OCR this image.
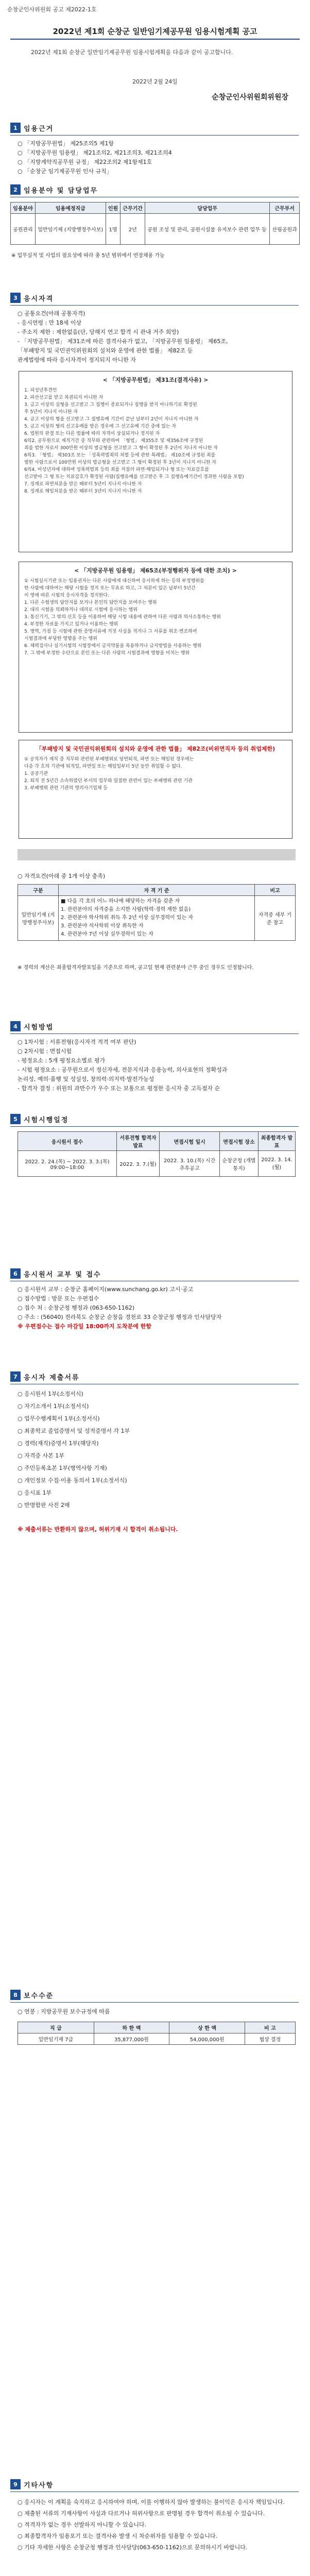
순창군인사위원회 공고 제2022-1호
2022년 제1회 순창군 일반임기제공무원 임용시험계획 공고
2022년 제1회 순창군 일반임기제공무원 임용시험계획을 다음과 같이 공고합니다.
2022년 2월 24일
순창군인사위원회위원장
1 임용근거
○ 「지방공무원법」 제25조의5 제1항
○ 「지방공무원 임용령」 제21조의2, 제21조의3, 제21조의4
○ 「지방계약직공무원 규정」 제22조의2 제1항제1호
○ 「순창군 임기제공무원 인사 규칙」
2 임용분야 및 담당업무
임용분야	임용예정직급	인원	근무기간	담당업무	근무부서
공원관리	일반임기제 (지방행정주사보)	1명	2년	공원 조성 및 관리, 공원시설물 유지보수 관련 업무 등	산림공원과
※ 업무실적 및 사업의 필요성에 따라 총 5년 범위에서 연장채용 가능
3 응시자격
○ 공통요건(아래 공통자격)
- 응시연령 : 만 18세 이상
- 주소지 제한 : 제한없음(단, 당해지 연고 합격 시 관내 거주 희망)
- 「지방공무원법」 제31조에 따른 결격사유가 없고, 「지방공무원 임용령」 제65조,
「부패방지 및 국민권익위원회의 설치와 운영에 관한 법률」 제82조 등
관계법령에 따라 응시자격이 정지되지 아니한 자
< 「지방공무원법」 제31조(결격사유) >
1. 피성년후견인
2. 파산선고를 받고 복권되지 아니한 자
3. 금고 이상의 실형을 선고받고 그 집행이 종료되거나 집행을 받지 아니하기로 확정된
후 5년이 지나지 아니한 자
4. 금고 이상의 형을 선고받고 그 집행유예 기간이 끝난 날부터 2년이 지나지 아니한 자
5. 금고 이상의 형의 선고유예를 받은 경우에 그 선고유예 기간 중에 있는 자
6. 법원의 판결 또는 다른 법률에 따라 자격이 상실되거나 정지된 자
6의2. 공무원으로 재직기간 중 직무와 관련하여 「형법」 제355조 및 제356조에 규정된
죄를 범한 자로서 300만원 이상의 벌금형을 선고받고 그 형이 확정된 후 2년이 지나지 아니한 자
6의3. 「형법」 제303조 또는 「성폭력범죄의 처벌 등에 관한 특례법」 제10조에 규정된 죄를
범한 사람으로서 100만원 이상의 벌금형을 선고받고 그 형이 확정된 후 3년이 지나지 아니한 자
6의4. 미성년자에 대하여 성폭력범죄 등의 죄를 저질러 파면·해임되거나 형 또는 치료감호를
선고받아 그 형 또는 치료감호가 확정된 사람(집행유예를 선고받은 후 그 집행유예기간이 경과한 사람을 포함)
7. 징계로 파면처분을 받은 때부터 5년이 지나지 아니한 자
8. 징계로 해임처분을 받은 때부터 3년이 지나지 아니한 자
< 「지방공무원 임용령」 제65조(부정행위자 등에 대한 조치) >
① 시험실시기관 또는 임용권자는 다른 사람에게 대신하여 응시하게 하는 등의 부정행위를
한 사람에 대하여는 해당 시험을 정지 또는 무효로 하고, 그 처분이 있은 날부터 5년간
이 영에 따른 시험의 응시자격을 정지한다.
1. 다른 수험생의 답안지를 보거나 본인의 답안지를 보여주는 행위
2. 대리 시험을 의뢰하거나 대리로 시험에 응시하는 행위
3. 통신기기, 그 밖의 신호 등을 이용하여 해당 시험 내용에 관하여 다른 사람과 의사소통하는 행위
4. 부정한 자료를 가지고 있거나 이용하는 행위
5. 병역, 가점 등 시험에 관한 증명서류에 거짓 사실을 적거나 그 서류를 위조·변조하여
시험결과에 부당한 영향을 주는 행위
6. 체력검사나 실기시험의 시험장에서 금지약물을 복용하거나 금지방법을 사용하는 행위
7. 그 밖에 부정한 수단으로 본인 또는 다른 사람의 시험결과에 영향을 미치는 행위
「부패방지 및 국민권익위원회의 설치와 운영에 관한 법률」 제82조(비위면직자 등의 취업제한)
① 공직자가 재직 중 직무와 관련된 부패행위로 당연퇴직, 파면 또는 해임된 경우에는
다음 각 호의 기관에 퇴직일, 파면일 또는 해임일부터 5년 동안 취업할 수 없다.
1. 공공기관
2. 퇴직 전 5년간 소속하였던 부서의 업무와 밀접한 관련이 있는 부패행위 관련 기관
3. 부패행위 관련 기관의 영리사기업체 등
○ 자격요건(아래 중 1개 이상 충족)
구분	자 격 기 준	비고
일반임기제 (지방행정주사보)	■ 다음 각 호의 어느 하나에 해당하는 자격을 갖춘 자
1. 관련분야의 자격증을 소지한 사람(학력·경력 제한 없음)
2. 관련분야 학사학위 취득 후 2년 이상 실무경력이 있는 자
3. 관련분야 석사학위 이상 취득한 자
4. 관련분야 7년 이상 실무경력이 있는 자	자격증 세부 기준 참고
※ 경력의 계산은 최종합격자발표일을 기준으로 하며, 공고일 현재 관련분야 근무 중인 경우도 인정합니다.
4 시험방법
○ 1차시험 : 서류전형(응시자격 적격 여부 판단)
○ 2차시험 : 면접시험
- 평정요소 : 5개 평정요소별로 평가
- 시험 평정요소 : 공무원으로서 정신자세, 전문지식과 응용능력, 의사표현의 정확성과
논리성, 예의·품행 및 성실성, 창의력·의지력·발전가능성
- 합격자 결정 : 위원의 과반수가 우수 또는 보통으로 평정한 응시자 중 고득점자 순
5 시험시행일정
응시원서 접수	서류전형 합격자 발표	면접시험 일시	면접시험 장소	최종합격자 발표
2022. 2. 24.(목) ~ 2022. 3. 3.(목) 09:00~18:00	2022. 3. 7.(월)	2022. 3. 10.(목) 시간 추후공고	순창군청 (개별통지)	2022. 3. 14.(월)
6 응시원서 교부 및 접수
○ 응시원서 교부 : 순창군 홈페이지(www.sunchang.go.kr) 고시·공고
○ 접수방법 : 방문 또는 우편접수
○ 접수 처 : 순창군청 행정과 (063-650-1162)
○ 주소 : (56040) 전라북도 순창군 순창읍 경천로 33 순창군청 행정과 인사담당자
※ 우편접수는 접수 마감일 18:00까지 도착분에 한함
7 응시자 제출서류
○ 응시원서 1부(소정서식)
○ 자기소개서 1부(소정서식)
○ 업무수행계획서 1부(소정서식)
○ 최종학교 졸업증명서 및 성적증명서 각 1부
○ 경력(재직)증명서 1부(해당자)
○ 자격증 사본 1부
○ 주민등록초본 1부(병역사항 기재)
○ 개인정보 수집·이용 동의서 1부(소정서식)
○ 응시표 1부
○ 반명함판 사진 2매
※ 제출서류는 반환하지 않으며, 허위기재 시 합격이 취소됩니다.
8 보수수준
○ 연봉 : 지방공무원 보수규정에 따름
직 급	하 한 액	상 한 액	비 고
일반임기제 7급	35,877,000원	54,000,000원	협상 결정
9 기타사항
○ 응시자는 이 계획을 숙지하고 응시하여야 하며, 이를 이행하지 않아 발생하는 불이익은 응시자 책임입니다.
○ 제출된 서류의 기재사항이 사실과 다르거나 허위사항으로 판명될 경우 합격이 취소될 수 있습니다.
○ 적격자가 없는 경우 선발하지 아니할 수 있습니다.
○ 최종합격자가 임용포기 또는 결격사유 발생 시 차순위자를 임용할 수 있습니다.
○ 기타 자세한 사항은 순창군청 행정과 인사담당(063-650-1162)으로 문의하시기 바랍니다.
